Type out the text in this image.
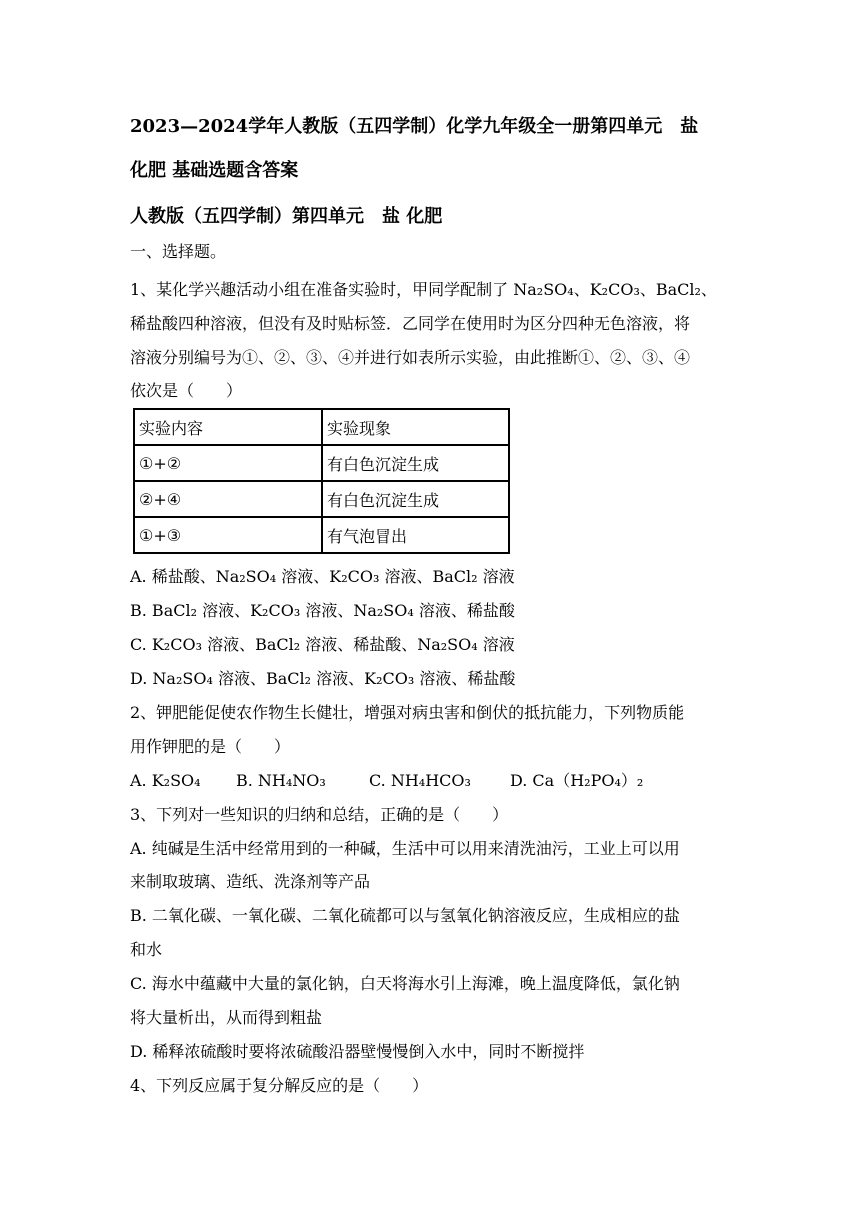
2023—2024学年人教版（五四学制）化学九年级全一册第四单元　盐
化肥 基础选题含答案
人教版（五四学制）第四单元　盐 化肥
一、选择题。
1、某化学兴趣活动小组在准备实验时，甲同学配制了 Na₂SO₄、K₂CO₃、BaCl₂、
稀盐酸四种溶液，但没有及时贴标签．乙同学在使用时为区分四种无色溶液，将
溶液分别编号为①、②、③、④并进行如表所示实验，由此推断①、②、③、④
依次是（　　）
实验内容	实验现象
①+②	有白色沉淀生成
②+④	有白色沉淀生成
①+③	有气泡冒出
A. 稀盐酸、Na₂SO₄ 溶液、K₂CO₃ 溶液、BaCl₂ 溶液
B. BaCl₂ 溶液、K₂CO₃ 溶液、Na₂SO₄ 溶液、稀盐酸
C. K₂CO₃ 溶液、BaCl₂ 溶液、稀盐酸、Na₂SO₄ 溶液
D. Na₂SO₄ 溶液、BaCl₂ 溶液、K₂CO₃ 溶液、稀盐酸
2、钾肥能促使农作物生长健壮，增强对病虫害和倒伏的抵抗能力，下列物质能
用作钾肥的是（　　）
A. K₂SO₄ B. NH₄NO₃	C. NH₄HCO₃ D. Ca（H₂PO₄）₂
3、下列对一些知识的归纳和总结，正确的是（　　）
A. 纯碱是生活中经常用到的一种碱，生活中可以用来清洗油污，工业上可以用
来制取玻璃、造纸、洗涤剂等产品
B. 二氧化碳、一氧化碳、二氧化硫都可以与氢氧化钠溶液反应，生成相应的盐
和水
C. 海水中蕴藏中大量的氯化钠，白天将海水引上海滩，晚上温度降低，氯化钠
将大量析出，从而得到粗盐
D. 稀释浓硫酸时要将浓硫酸沿器壁慢慢倒入水中，同时不断搅拌
4、下列反应属于复分解反应的是（　　）
